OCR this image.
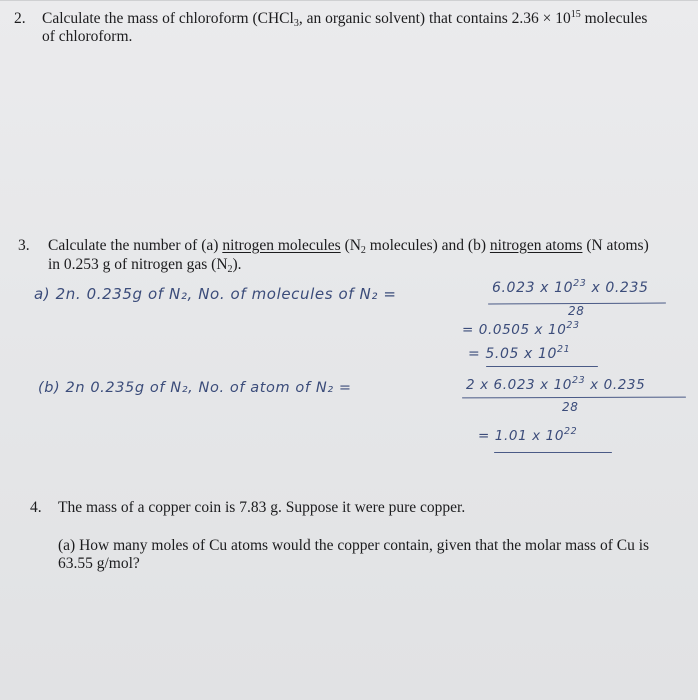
2. Calculate the mass of chloroform (CHCl$_3$, an organic solvent) that contains $2.36 \times 10^{15}$ molecules
of chloroform.
3. Calculate the number of (a) nitrogen molecules ($N_2$ molecules) and (b) nitrogen atoms (N atoms)
in 0.253 g of nitrogen gas $(N_2)$.
a) 2n. 0.235g of N₂, No. of molecules of N₂ =	6.023 x $10^{23}$ x 0.235
28
= 0.0505 x $10^{23}$
= 5.05 x $10^{21}$
(b) 2n 0.235g of N₂, No. of atom of N₂ =	2 x 6.023 x $10^{23}$ x 0.235
28
= 1.01 x $10^{22}$
4. The mass of a copper coin is 7.83 g. Suppose it were pure copper.
(a) How many moles of Cu atoms would the copper contain, given that the molar mass of Cu is
63.55 g/mol?
